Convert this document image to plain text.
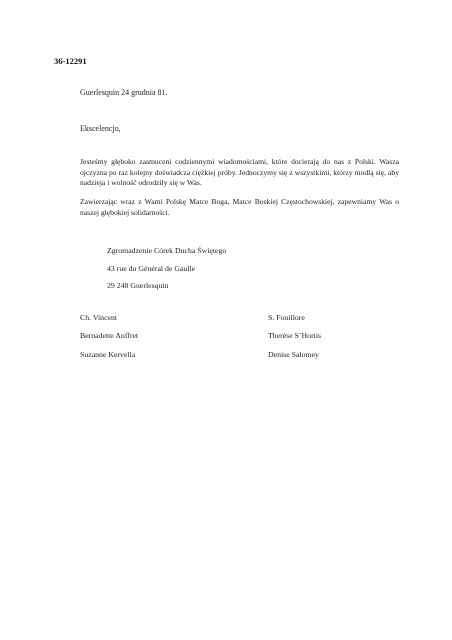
36-12291
Guerlesquin 24 grudnia 81.
Ekscelencjo,
Jesteśmy głęboko zasmuceni codziennymi wiadomościami, które docierają do nas z Polski. Wasza ojczyzna po raz kolejny doświadcza ciężkiej próby. Jednoczymy się z wszystkimi, którzy modlą się, aby nadzieja i wolność odrodziły się w Was.
Zawierzając wraz z Wami Polskę Matce Boga, Matce Boskiej Częstochowskiej, zapewniamy Was o naszej głębokiej solidarności.
Zgromadzenie Córek Ducha Świętego
43 rue du Général de Gaulle
29 248 Guerlesquin
Ch. Vincent
Bernadette Auffret
Suzanne Kervella
S. Fouillore
Therèse S`Hortis
Denise Salomey
